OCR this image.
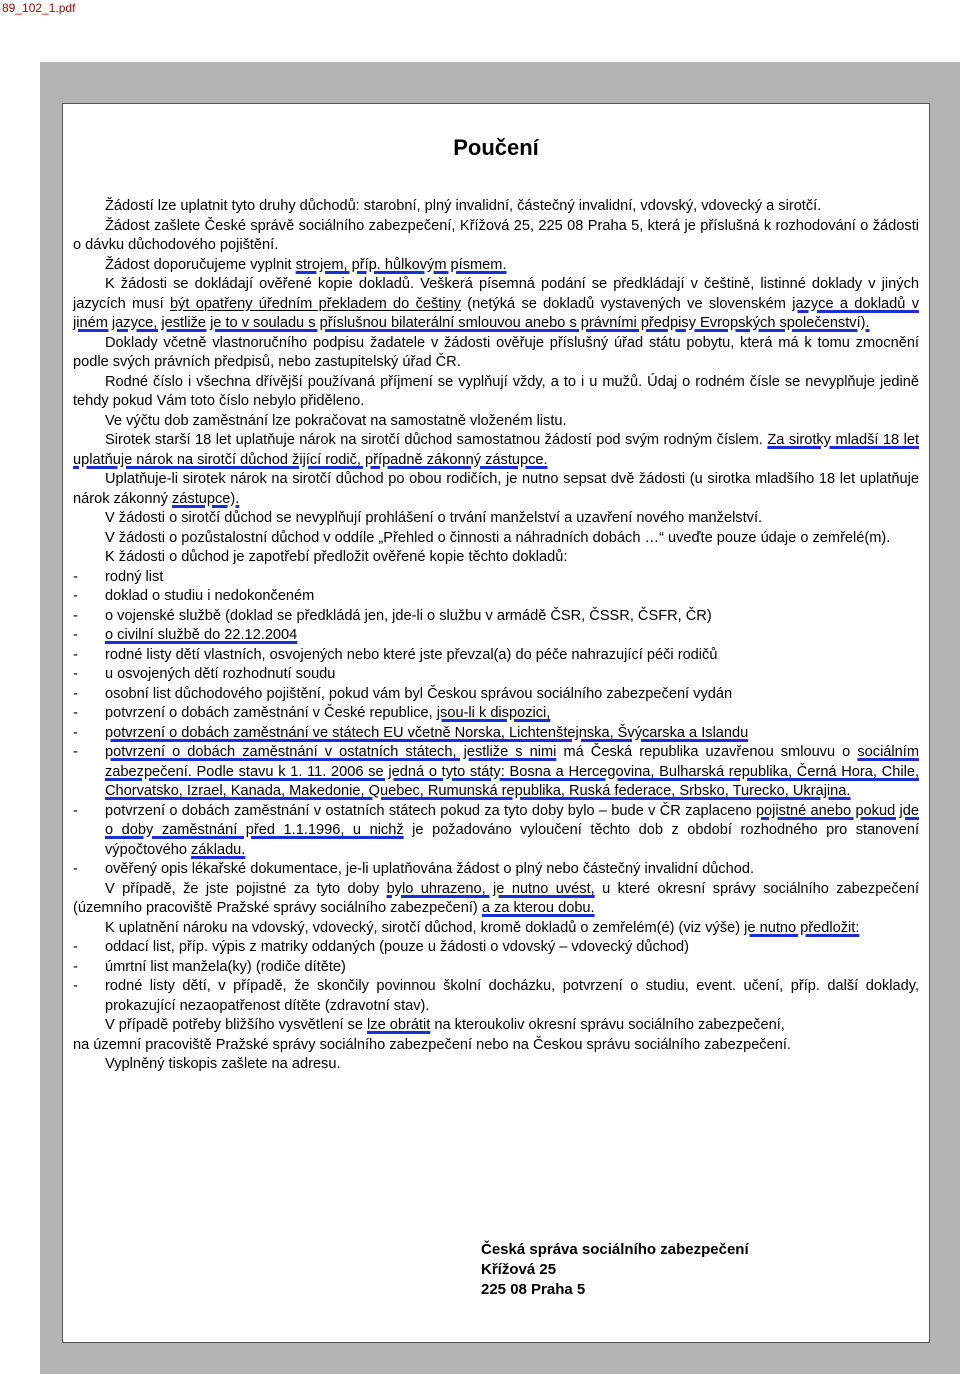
89_102_1.pdf
Poučení

Žádostí lze uplatnit tyto druhy důchodů: starobní, plný invalidní, částečný invalidní, vdovský, vdovecký a sirotčí.

Žádost zašlete České správě sociálního zabezpečení, Křížová 25, 225 08 Praha 5, která je příslušná k rozhodování o žádosti o dávku důchodového pojištění.

Žádost doporučujeme vyplnit strojem, příp. hůlkovým písmem.

K žádosti se dokládají ověřené kopie dokladů. Veškerá písemná podání se předkládají v češtině, listinné doklady v jiných jazycích musí být opatřeny úředním překladem do češtiny (netýká se dokladů vystavených ve slovenském jazyce a dokladů v jiném jazyce, jestliže je to v souladu s příslušnou bilaterální smlouvou anebo s právními předpisy Evropských společenství).

Doklady včetně vlastnoručního podpisu žadatele v žádosti ověřuje příslušný úřad státu pobytu, která má k tomu zmocnění podle svých právních předpisů, nebo zastupitelský úřad ČR.

Rodné číslo i všechna dřívější používaná příjmení se vyplňují vždy, a to i u mužů. Údaj o rodném čísle se nevyplňuje jedině tehdy pokud Vám toto číslo nebylo přiděleno.

Ve výčtu dob zaměstnání lze pokračovat na samostatně vloženém listu.

Sirotek starší 18 let uplatňuje nárok na sirotčí důchod samostatnou žádostí pod svým rodným číslem. Za sirotky mladší 18 let uplatňuje nárok na sirotčí důchod žijící rodič, případně zákonný zástupce.

Uplatňuje-li sirotek nárok na sirotčí důchod po obou rodičích, je nutno sepsat dvě žádosti (u sirotka mladšího 18 let uplatňuje nárok zákonný zástupce).

V žádosti o sirotčí důchod se nevyplňují prohlášení o trvání manželství a uzavření nového manželství.

V žádosti o pozůstalostní důchod v oddíle „Přehled o činnosti a náhradních dobách …“ uveďte pouze údaje o zemřelé(m).

K žádosti o důchod je zapotřebí předložit ověřené kopie těchto dokladů:

- rodný list
- doklad o studiu i nedokončeném
- o vojenské službě (doklad se předkládá jen, jde-li o službu v armádě ČSR, ČSSR, ČSFR, ČR)
- o civilní službě do 22.12.2004
- rodné listy dětí vlastních, osvojených nebo které jste převzal(a) do péče nahrazující péči rodičů
- u osvojených dětí rozhodnutí soudu
- osobní list důchodového pojištění, pokud vám byl Českou správou sociálního zabezpečení vydán
- potvrzení o dobách zaměstnání v České republice, jsou-li k dispozici,
- potvrzení o dobách zaměstnání ve státech EU včetně Norska, Lichtenštejnska, Švýcarska a Islandu
- potvrzení o dobách zaměstnání v ostatních státech, jestliže s nimi má Česká republika uzavřenou smlouvu o sociálním zabezpečení. Podle stavu k 1. 11. 2006 se jedná o tyto státy: Bosna a Hercegovina, Bulharská republika, Černá Hora, Chile, Chorvatsko, Izrael, Kanada, Makedonie, Quebec, Rumunská republika, Ruská federace, Srbsko, Turecko, Ukrajina.
- potvrzení o dobách zaměstnání v ostatních státech pokud za tyto doby bylo – bude v ČR zaplaceno pojistné anebo pokud jde o doby zaměstnání před 1.1.1996, u nichž je požadováno vyloučení těchto dob z období rozhodného pro stanovení výpočtového základu.
- ověřený opis lékařské dokumentace, je-li uplatňována žádost o plný nebo částečný invalidní důchod.

V případě, že jste pojistné za tyto doby bylo uhrazeno, je nutno uvést, u které okresní správy sociálního zabezpečení (územního pracoviště Pražské správy sociálního zabezpečení) a za kterou dobu.

K uplatnění nároku na vdovský, vdovecký, sirotčí důchod, kromě dokladů o zemřelém(é) (viz výše) je nutno předložit:

- oddací list, příp. výpis z matriky oddaných (pouze u žádosti o vdovský – vdovecký důchod)
- úmrtní list manžela(ky) (rodiče dítěte)
- rodné listy dětí, v případě, že skončily povinnou školní docházku, potvrzení o studiu, event. učení, příp. další doklady, prokazující nezaopatřenost dítěte (zdravotní stav).

V případě potřeby bližšího vysvětlení se lze obrátit na kteroukoliv okresní správu sociálního zabezpečení,

na územní pracoviště Pražské správy sociálního zabezpečení nebo na Českou správu sociálního zabezpečení.

Vyplněný tiskopis zašlete na adresu.

Česká správa sociálního zabezpečení
Křížová 25
225 08 Praha 5
